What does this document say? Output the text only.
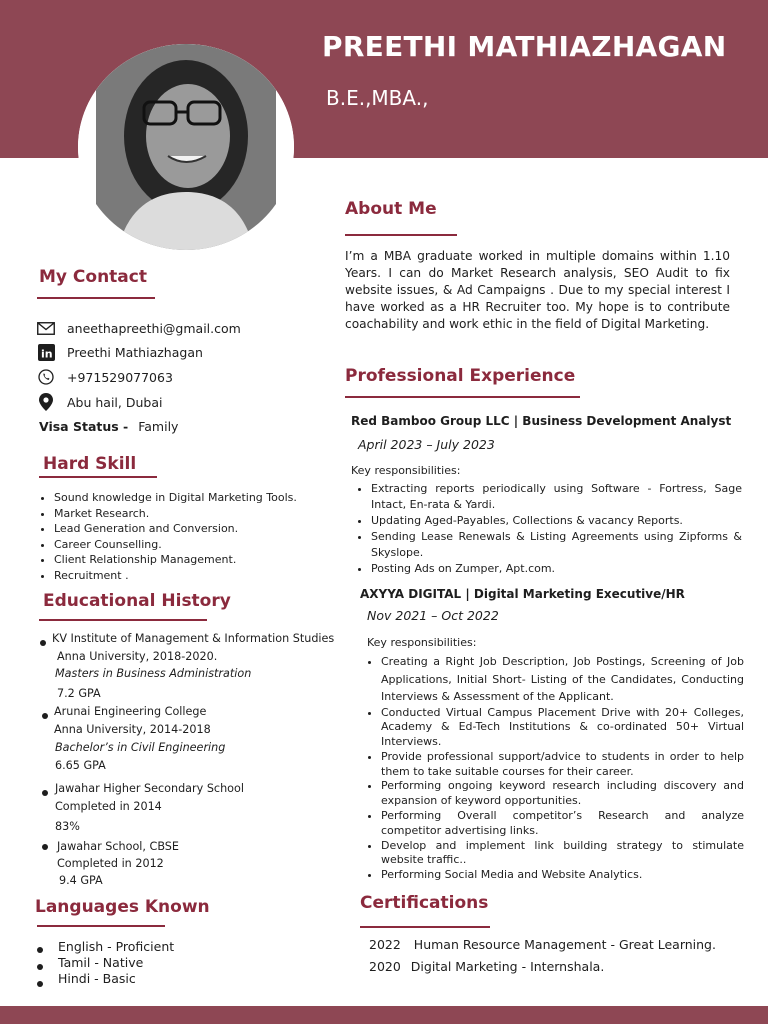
PREETHI MATHIAZHAGAN
B.E.,MBA.,
My Contact
aneethapreethi@gmail.com
in Preethi Mathiazhagan
+971529077063
Abu hail, Dubai
Visa Status - Family
Hard Skill
• Sound knowledge in Digital Marketing Tools.
• Market Research.
• Lead Generation and Conversion.
• Career Counselling.
• Client Relationship Management.
• Recruitment .
Educational History
KV Institute of Management & Information Studies
Anna University, 2018-2020.
Masters in Business Administration
7.2 GPA
Arunai Engineering College
Anna University, 2014-2018
Bachelor’s in Civil Engineering
6.65 GPA
Jawahar Higher Secondary School
Completed in 2014
83%
Jawahar School, CBSE
Completed in 2012
9.4 GPA
Languages Known
English - Proficient
Tamil - Native
Hindi - Basic
About Me
I’m a MBA graduate worked in multiple domains within 1.10 Years. I can do Market Research analysis, SEO Audit to fix website issues, & Ad Campaigns . Due to my special interest I have worked as a HR Recruiter too. My hope is to contribute coachability and work ethic in the field of Digital Marketing.
Professional Experience
Red Bamboo Group LLC | Business Development Analyst
April 2023 – July 2023
Key responsibilities:
• Extracting reports periodically using Software - Fortress, Sage Intact, En-rata & Yardi.
• Updating Aged-Payables, Collections & vacancy Reports.
• Sending Lease Renewals & Listing Agreements using Zipforms & Skyslope.
• Posting Ads on Zumper, Apt.com.
AXYYA DIGITAL | Digital Marketing Executive/HR
Nov 2021 – Oct 2022
Key responsibilities:
• Creating a Right Job Description, Job Postings, Screening of Job Applications, Initial Short- Listing of the Candidates, Conducting Interviews & Assessment of the Applicant.
• Conducted Virtual Campus Placement Drive with 20+ Colleges, Academy & Ed-Tech Institutions & co-ordinated 50+ Virtual Interviews.
• Provide professional support/advice to students in order to help them to take suitable courses for their career.
• Performing ongoing keyword research including discovery and expansion of keyword opportunities.
• Performing Overall competitor’s Research and analyze competitor advertising links.
• Develop and implement link building strategy to stimulate website traffic..
• Performing Social Media and Website Analytics.
Certifications
2022 Human Resource Management - Great Learning.
2020 Digital Marketing - Internshala.
